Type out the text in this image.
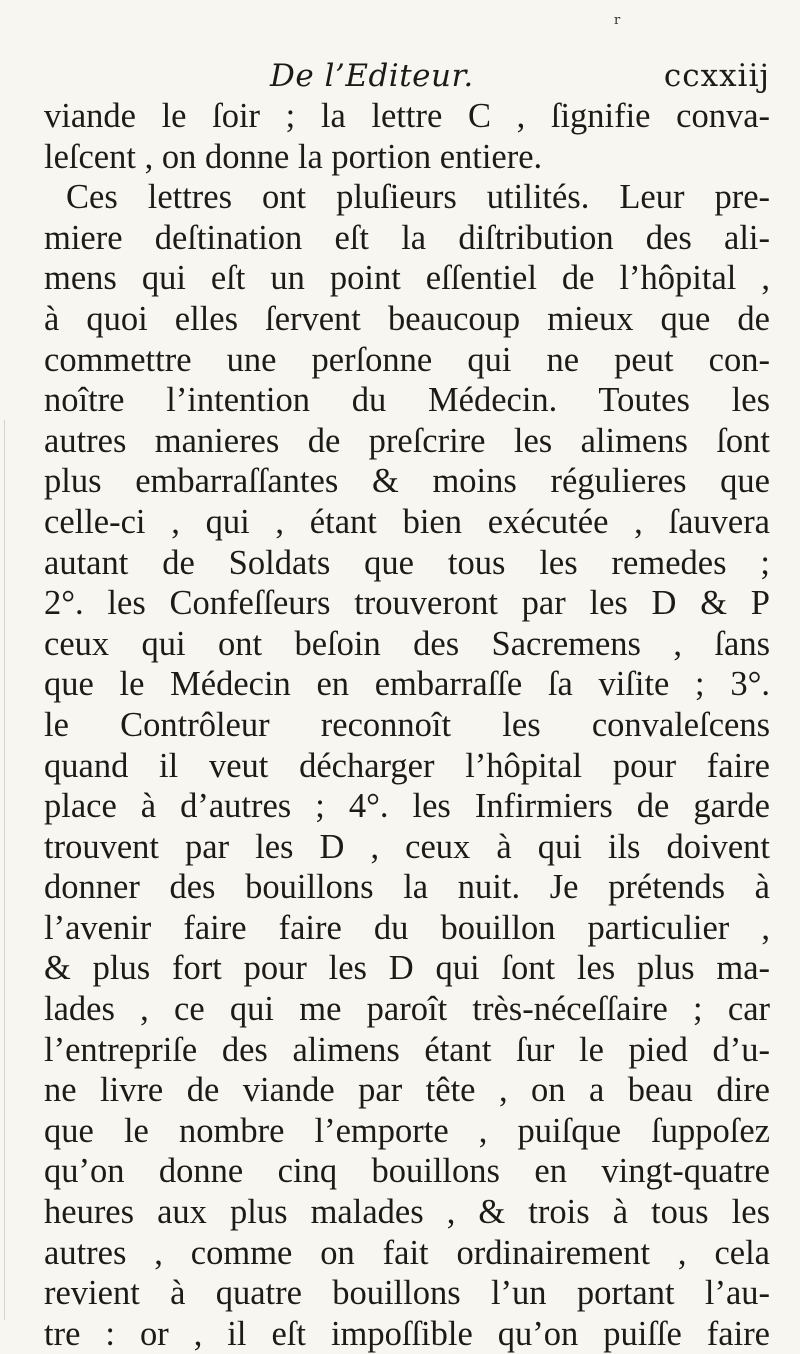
r
De l’Editeur.	ccxxiij
viande le ſoir ; la lettre C , ſignifie conva-
leſcent , on donne la portion entiere.
Ces lettres ont pluſieurs utilités. Leur pre-
miere deſtination eſt la diſtribution des ali-
mens qui eſt un point eſſentiel de l’hôpital ,
à quoi elles ſervent beaucoup mieux que de
commettre une perſonne qui ne peut con-
noître l’intention du Médecin. Toutes les
autres manieres de preſcrire les alimens ſont
plus embarraſſantes & moins régulieres que
celle-ci , qui , étant bien exécutée , ſauvera
autant de Soldats que tous les remedes ;
2°. les Confeſſeurs trouveront par les D & P
ceux qui ont beſoin des Sacremens , ſans
que le Médecin en embarraſſe ſa viſite ; 3°.
le Contrôleur reconnoît les convaleſcens
quand il veut décharger l’hôpital pour faire
place à d’autres ; 4°. les Infirmiers de garde
trouvent par les D , ceux à qui ils doivent
donner des bouillons la nuit. Je prétends à
l’avenir faire faire du bouillon particulier ,
& plus fort pour les D qui ſont les plus ma-
lades , ce qui me paroît très-néceſſaire ; car
l’entrepriſe des alimens étant ſur le pied d’u-
ne livre de viande par tête , on a beau dire
que le nombre l’emporte , puiſque ſuppoſez
qu’on donne cinq bouillons en vingt-quatre
heures aux plus malades , & trois à tous les
autres , comme on fait ordinairement , cela
revient à quatre bouillons l’un portant l’au-
tre : or , il eſt impoſſible qu’on puiſſe faire
